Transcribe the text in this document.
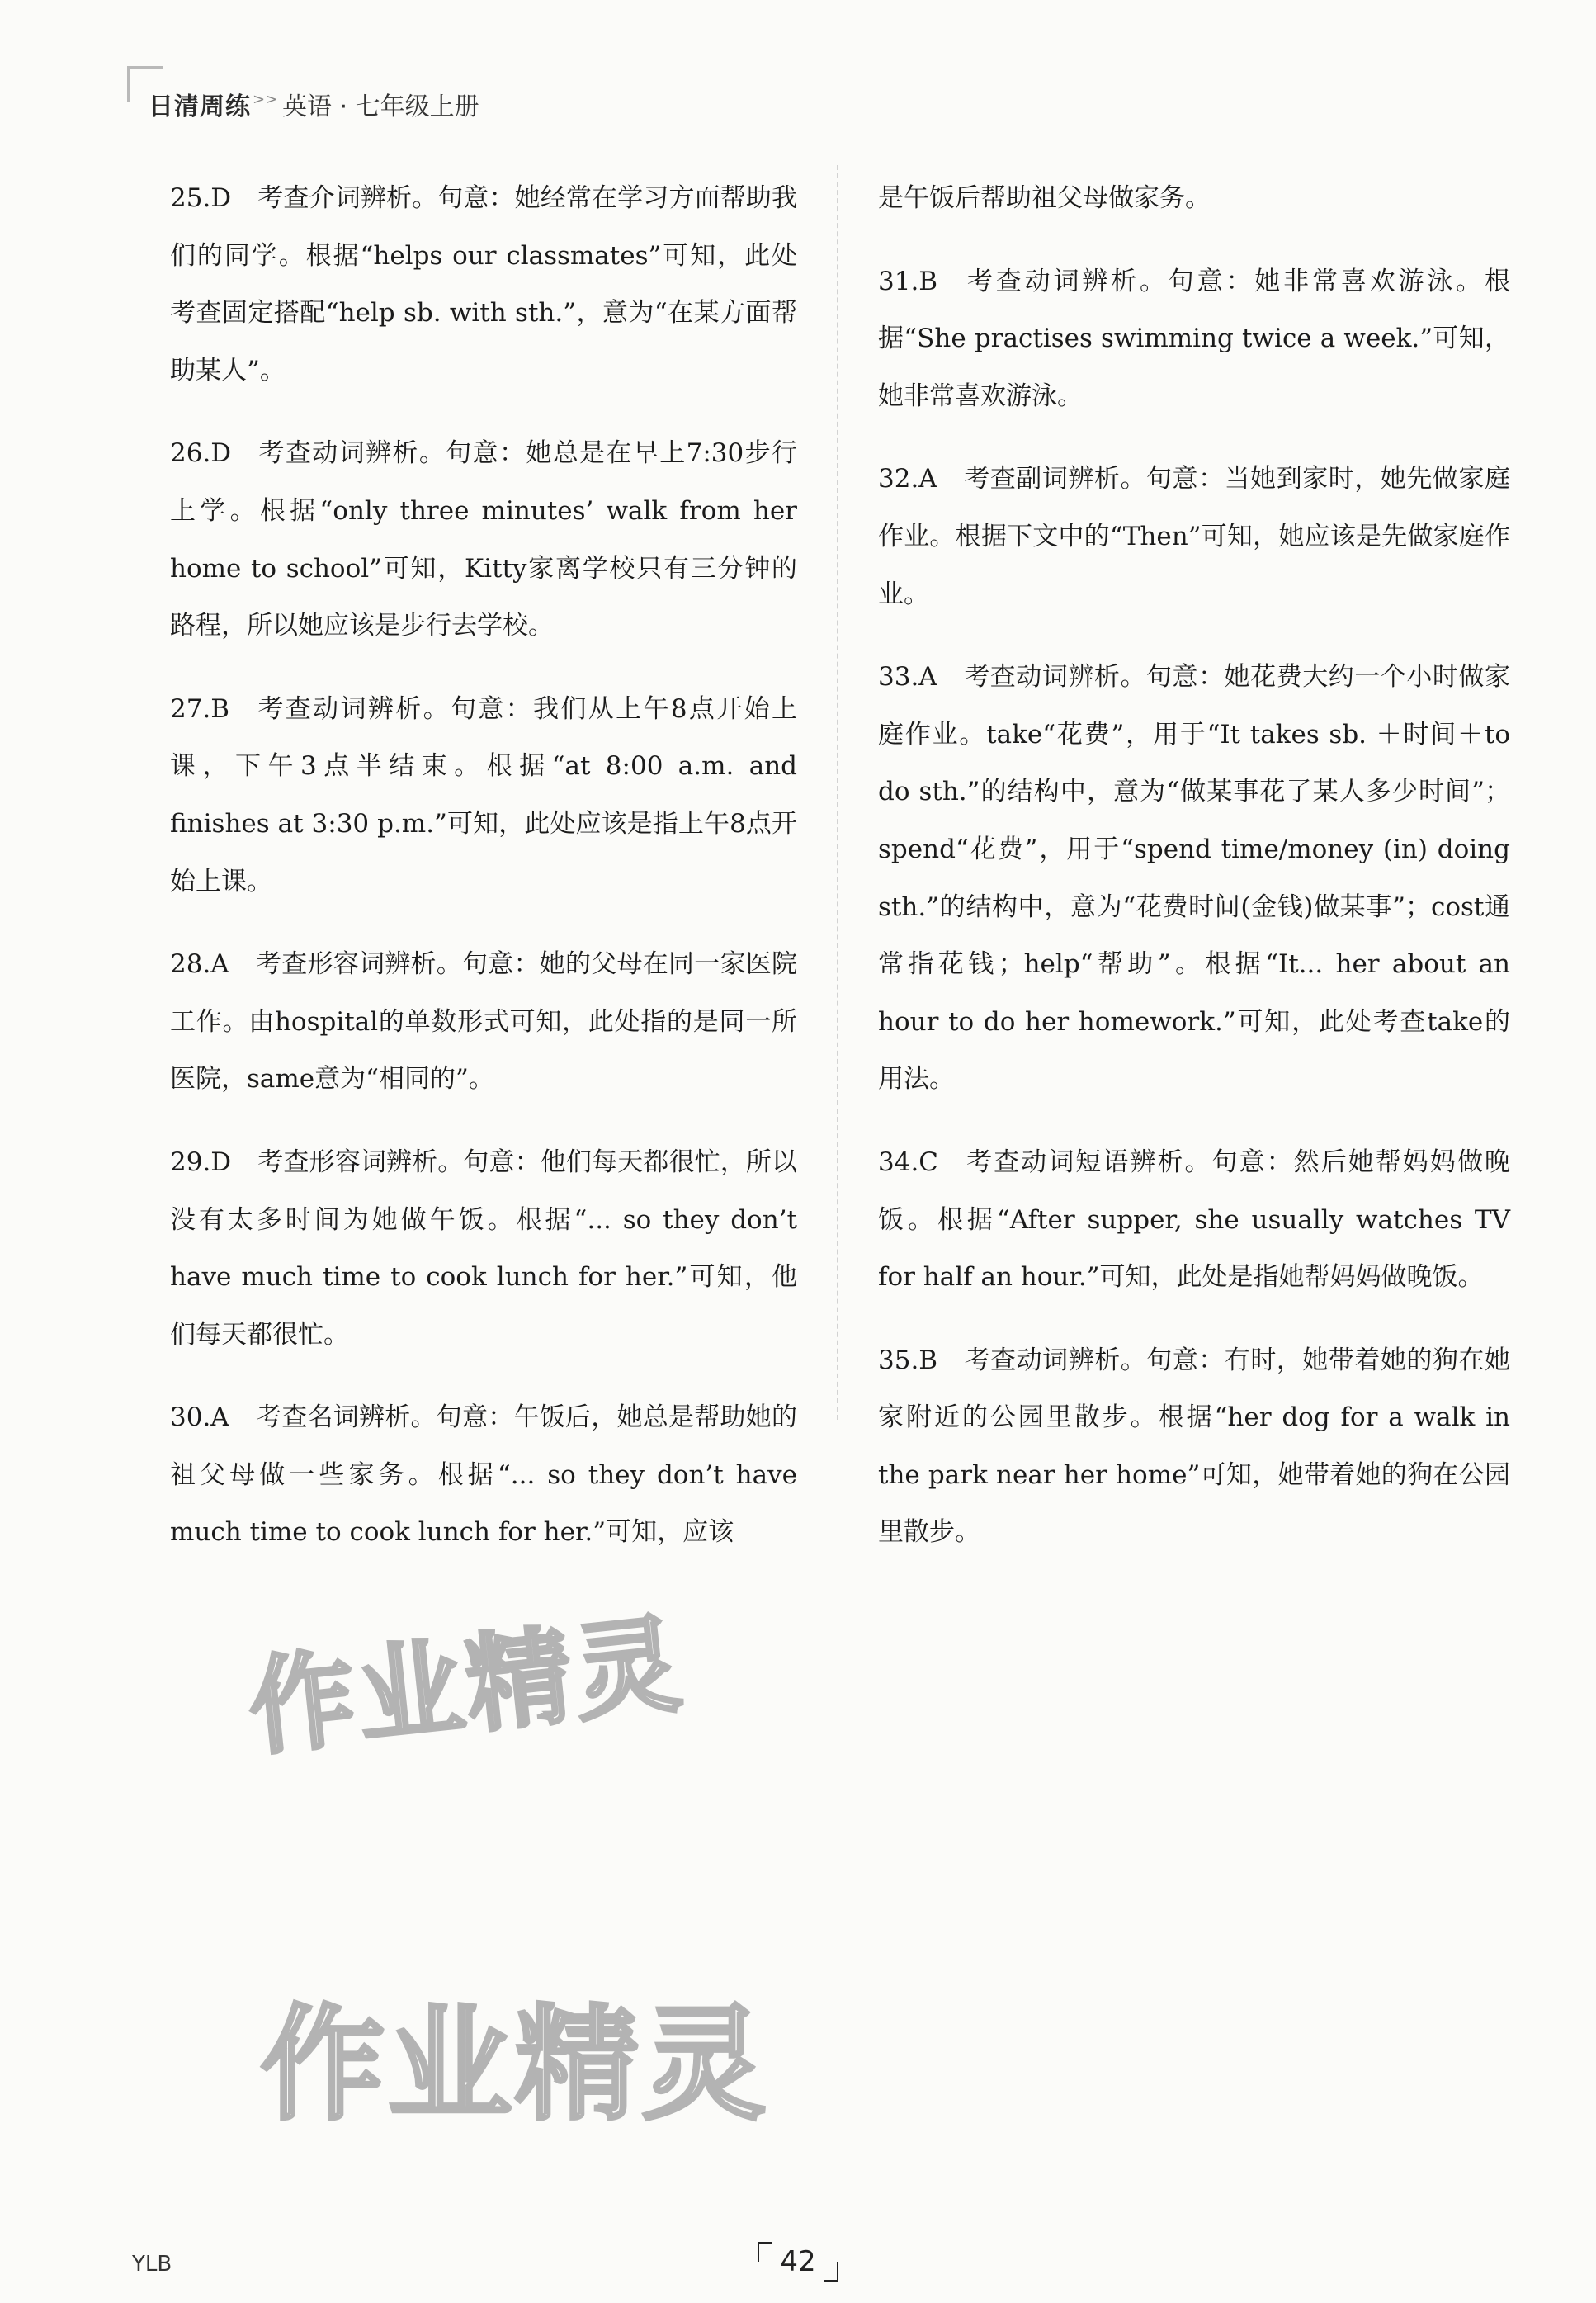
日清周练 >> 英语 · 七年级上册

25.D 考查介词辨析。句意：她经常在学习方面帮助我们的同学。根据“helps our classmates”可知，此处考查固定搭配“help sb. with sth.”，意为“在某方面帮助某人”。

26.D 考查动词辨析。句意：她总是在早上7:30步行上学。根据“only three minutes’ walk from her home to school”可知，Kitty家离学校只有三分钟的路程，所以她应该是步行去学校。

27.B 考查动词辨析。句意：我们从上午8点开始上课，下午3点半结束。根据“at 8:00 a.m. and finishes at 3:30 p.m.”可知，此处应该是指上午8点开始上课。

28.A 考查形容词辨析。句意：她的父母在同一家医院工作。由hospital的单数形式可知，此处指的是同一所医院，same意为“相同的”。

29.D 考查形容词辨析。句意：他们每天都很忙，所以没有太多时间为她做午饭。根据“... so they don’t have much time to cook lunch for her.”可知，他们每天都很忙。

30.A 考查名词辨析。句意：午饭后，她总是帮助她的祖父母做一些家务。根据“... so they don’t have much time to cook lunch for her.”可知，应该

是午饭后帮助祖父母做家务。

31.B 考查动词辨析。句意：她非常喜欢游泳。根据“She practises swimming twice a week.”可知，她非常喜欢游泳。

32.A 考查副词辨析。句意：当她到家时，她先做家庭作业。根据下文中的“Then”可知，她应该是先做家庭作业。

33.A 考查动词辨析。句意：她花费大约一个小时做家庭作业。take“花费”，用于“It takes sb. ＋时间＋to do sth.”的结构中，意为“做某事花了某人多少时间”；spend“花费”，用于“spend time/money (in) doing sth.”的结构中，意为“花费时间(金钱)做某事”；cost通常指花钱；help“帮助”。根据“It... her about an hour to do her homework.”可知，此处考查take的用法。

34.C 考查动词短语辨析。句意：然后她帮妈妈做晚饭。根据“After supper, she usually watches TV for half an hour.”可知，此处是指她帮妈妈做晚饭。

35.B 考查动词辨析。句意：有时，她带着她的狗在她家附近的公园里散步。根据“her dog for a walk in the park near her home”可知，她带着她的狗在公园里散步。

作业精灵
作业精灵
YLB	42
